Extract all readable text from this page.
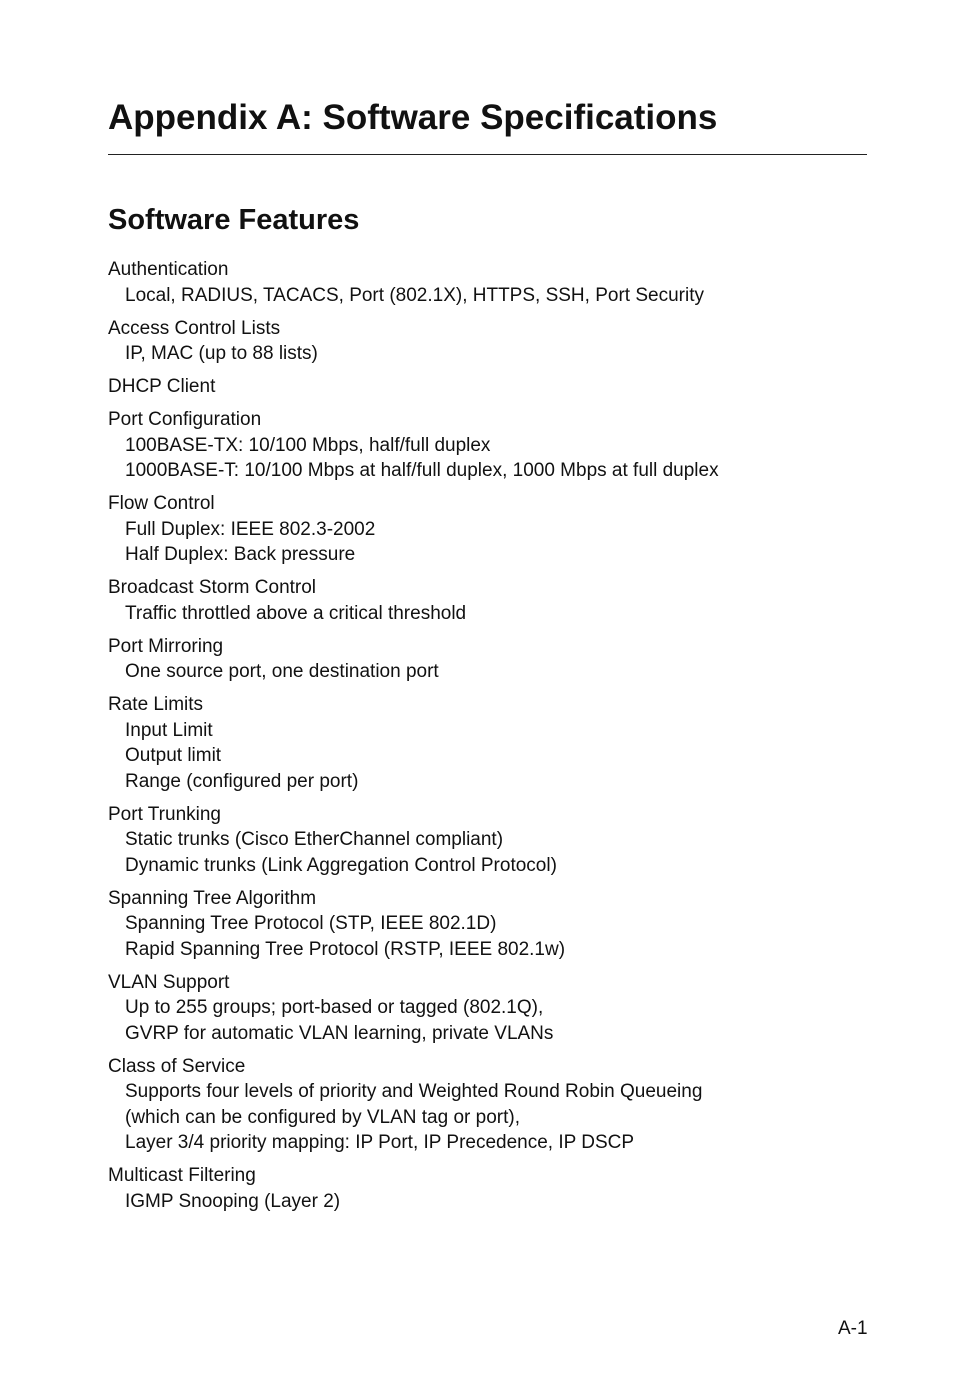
Appendix A: Software Specifications
Software Features
Authentication
Local, RADIUS, TACACS, Port (802.1X), HTTPS, SSH, Port Security
Access Control Lists
IP, MAC (up to 88 lists)
DHCP Client
Port Configuration
100BASE-TX: 10/100 Mbps, half/full duplex
1000BASE-T: 10/100 Mbps at half/full duplex, 1000 Mbps at full duplex
Flow Control
Full Duplex: IEEE 802.3-2002
Half Duplex: Back pressure
Broadcast Storm Control
Traffic throttled above a critical threshold
Port Mirroring
One source port, one destination port
Rate Limits
Input Limit
Output limit
Range (configured per port)
Port Trunking
Static trunks (Cisco EtherChannel compliant)
Dynamic trunks (Link Aggregation Control Protocol)
Spanning Tree Algorithm
Spanning Tree Protocol (STP, IEEE 802.1D)
Rapid Spanning Tree Protocol (RSTP, IEEE 802.1w)
VLAN Support
Up to 255 groups; port-based or tagged (802.1Q),
GVRP for automatic VLAN learning, private VLANs
Class of Service
Supports four levels of priority and Weighted Round Robin Queueing
(which can be configured by VLAN tag or port),
Layer 3/4 priority mapping: IP Port, IP Precedence, IP DSCP
Multicast Filtering
IGMP Snooping (Layer 2)
A-1
